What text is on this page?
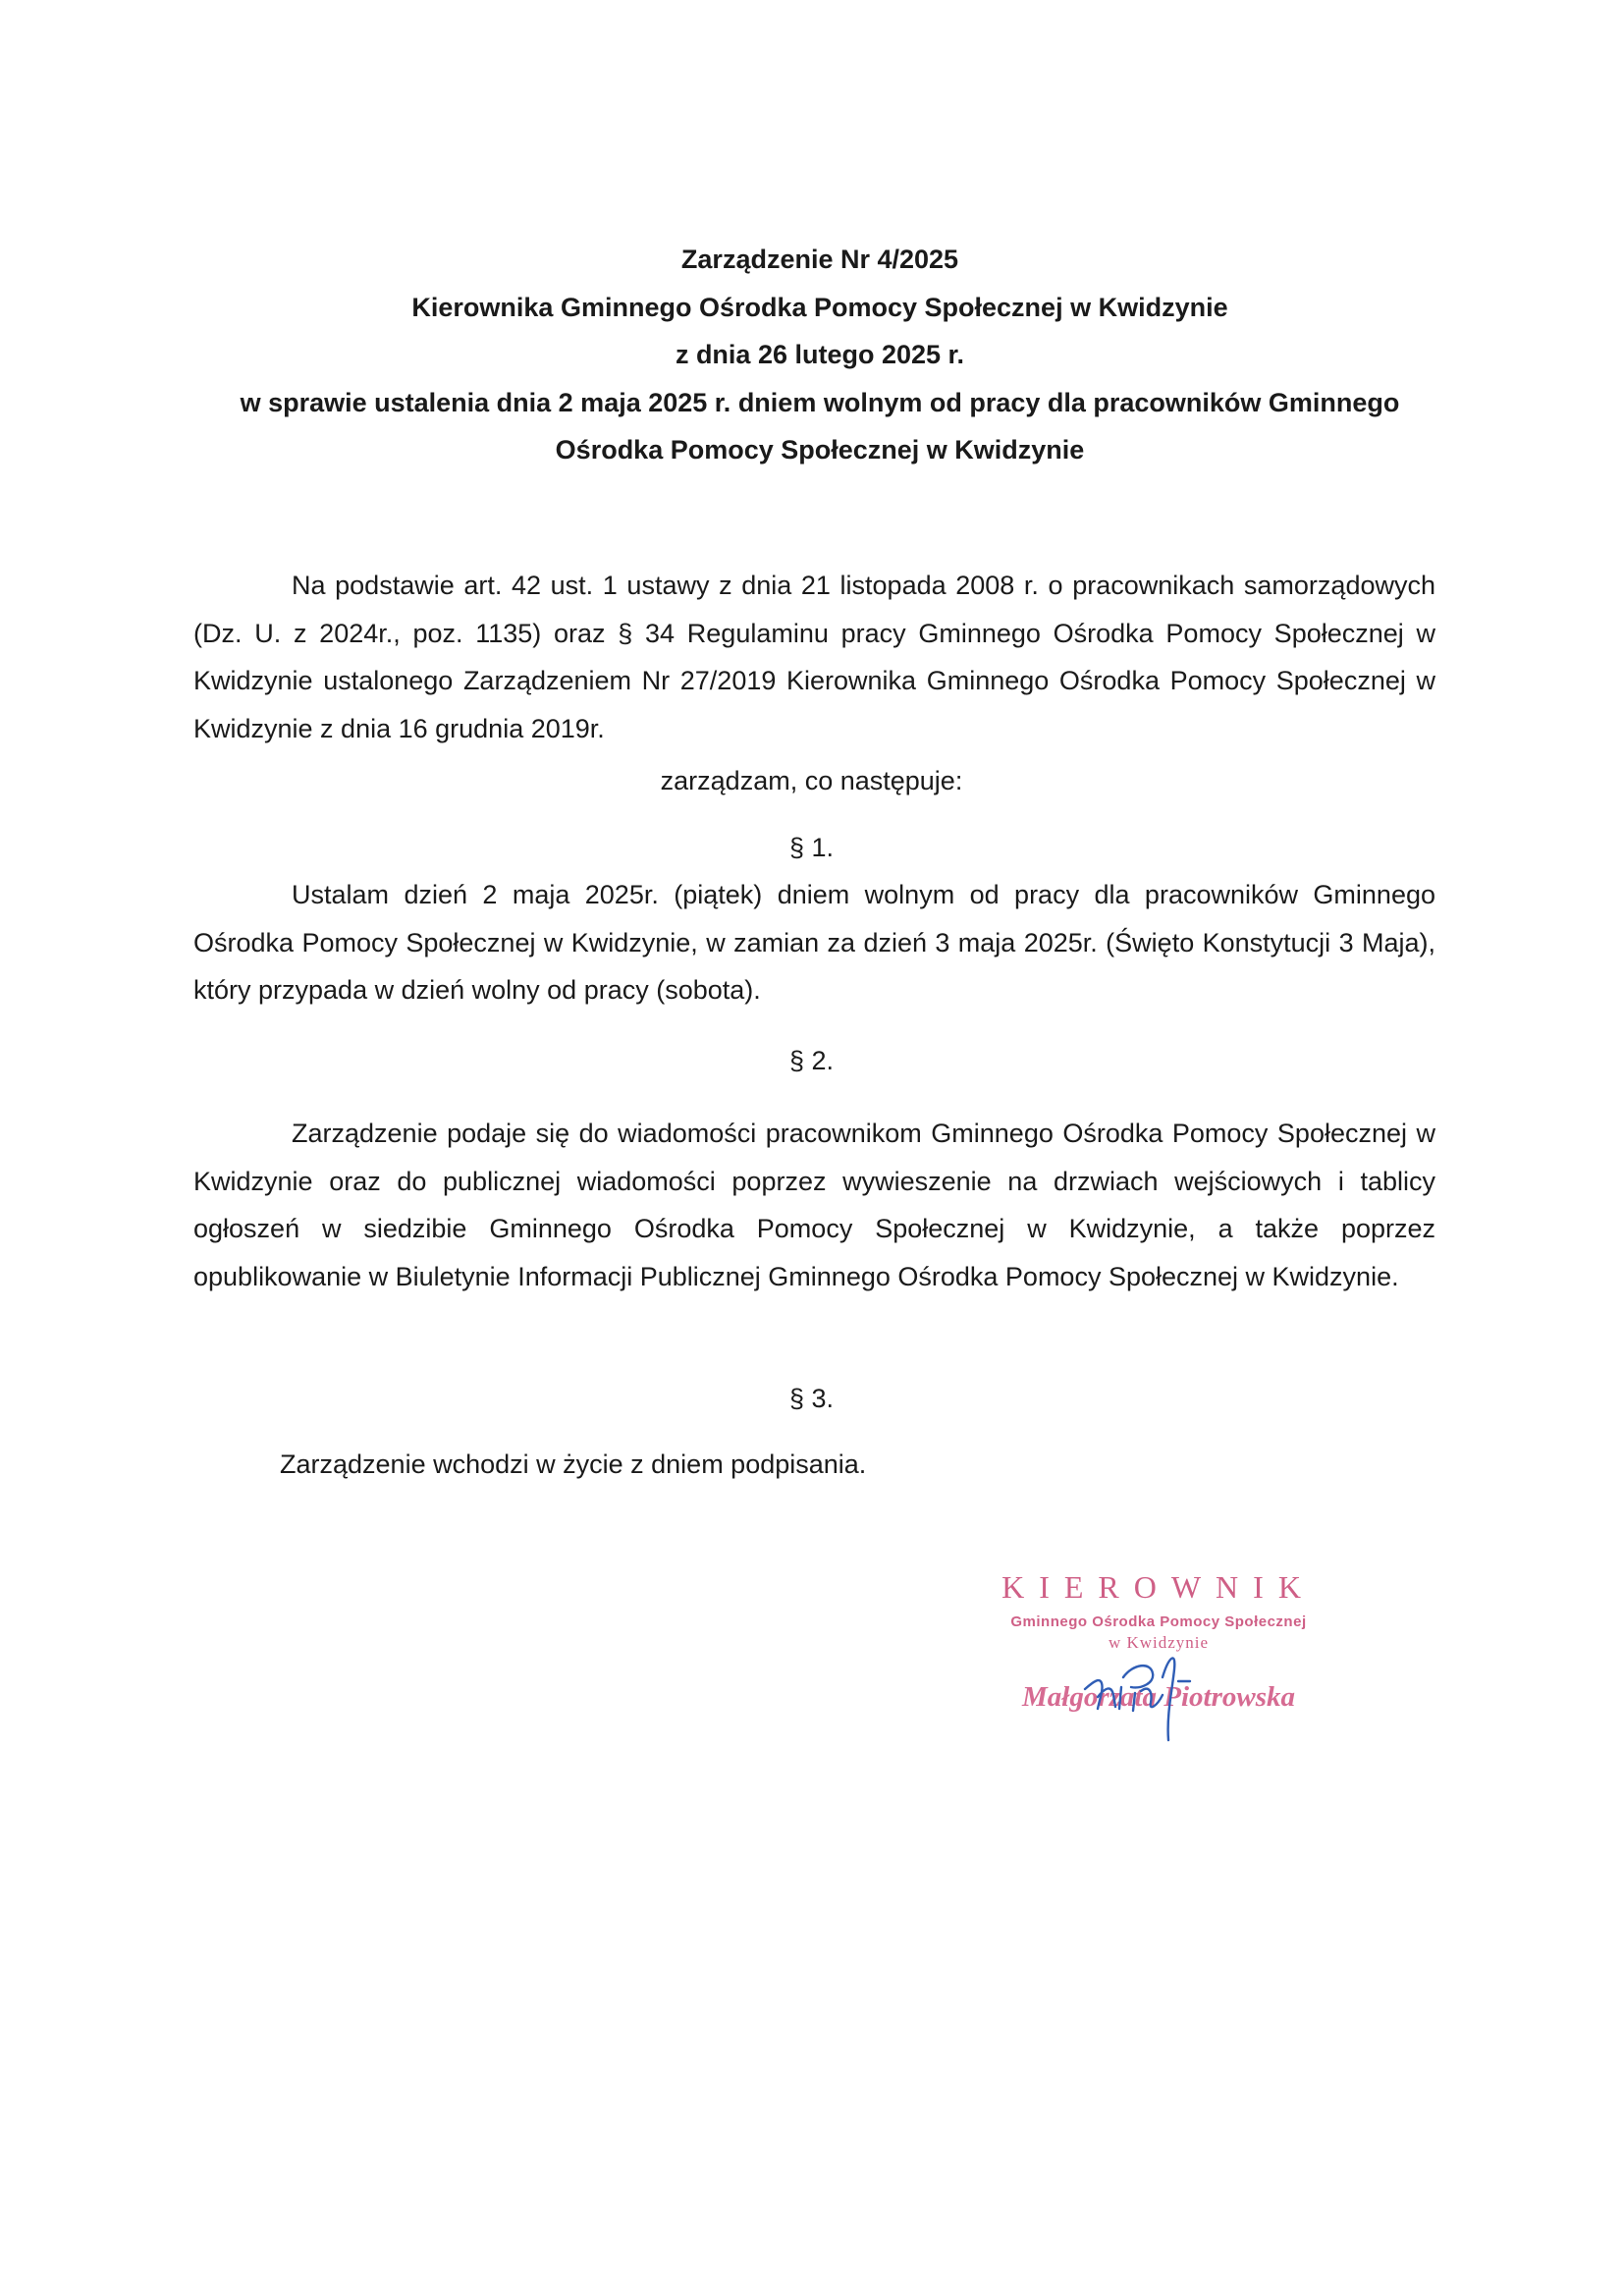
Zarządzenie Nr 4/2025
Kierownika Gminnego Ośrodka Pomocy Społecznej w Kwidzynie
z dnia 26 lutego 2025 r.
w sprawie ustalenia dnia 2 maja 2025 r. dniem wolnym od pracy dla pracowników Gminnego
Ośrodka Pomocy Społecznej w Kwidzynie
Na podstawie art. 42 ust. 1 ustawy z dnia 21 listopada 2008 r. o pracownikach samorządowych (Dz. U. z 2024r., poz. 1135) oraz § 34 Regulaminu pracy Gminnego Ośrodka Pomocy Społecznej w Kwidzynie ustalonego Zarządzeniem Nr 27/2019 Kierownika Gminnego Ośrodka Pomocy Społecznej w Kwidzynie z dnia 16 grudnia 2019r.
zarządzam, co następuje:
§ 1.
Ustalam dzień 2 maja 2025r. (piątek) dniem wolnym od pracy dla pracowników Gminnego Ośrodka Pomocy Społecznej w Kwidzynie, w zamian za dzień 3 maja 2025r. (Święto Konstytucji 3 Maja), który przypada w dzień wolny od pracy (sobota).
§ 2.
Zarządzenie podaje się do wiadomości pracownikom Gminnego Ośrodka Pomocy Społecznej w Kwidzynie oraz do publicznej wiadomości poprzez wywieszenie na drzwiach wejściowych i tablicy ogłoszeń w siedzibie Gminnego Ośrodka Pomocy Społecznej w Kwidzynie, a także poprzez opublikowanie w Biuletynie Informacji Publicznej Gminnego Ośrodka Pomocy Społecznej w Kwidzynie.
§ 3.
Zarządzenie wchodzi w życie z dniem podpisania.
KIEROWNIK
Gminnego Ośrodka Pomocy Społecznej
w Kwidzynie
Małgorzata Piotrowska
